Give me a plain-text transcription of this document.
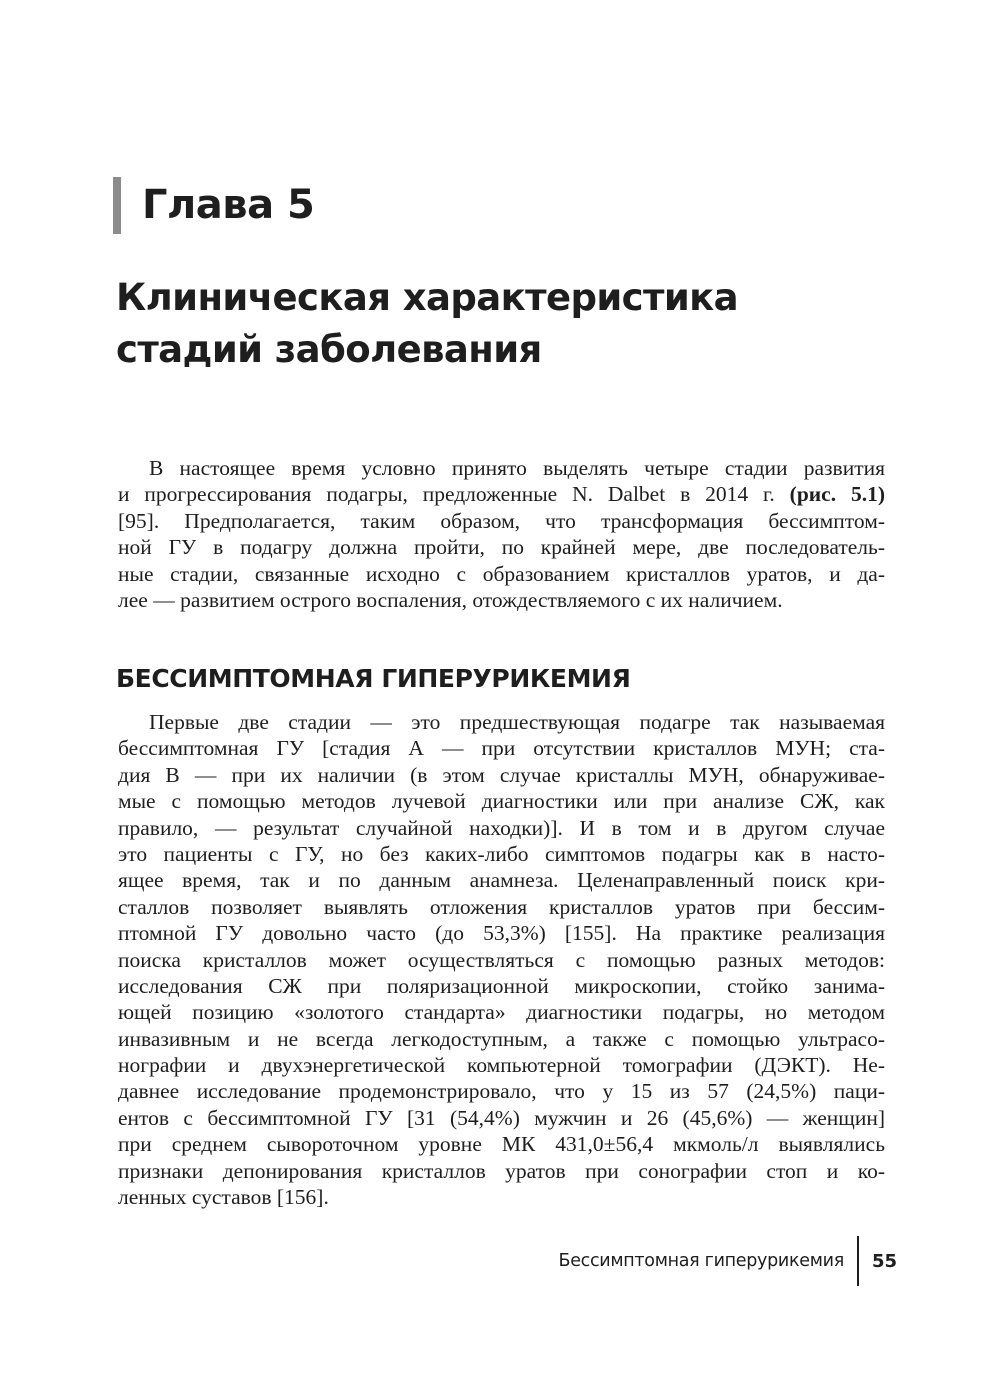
Глава 5
Клиническая характеристика
стадий заболевания
В настоящее время условно принято выделять четыре стадии развития
и прогрессирования подагры, предложенные N. Dalbet в 2014 г. (рис. 5.1)
[95]. Предполагается, таким образом, что трансформация бессимптом-
ной ГУ в подагру должна пройти, по крайней мере, две последователь-
ные стадии, связанные исходно с образованием кристаллов уратов, и да-
лее — развитием острого воспаления, отождествляемого с их наличием.
БЕССИМПТОМНАЯ ГИПЕРУРИКЕМИЯ
Первые две стадии — это предшествующая подагре так называемая
бессимптомная ГУ [стадия А — при отсутствии кристаллов МУН; ста-
дия В — при их наличии (в этом случае кристаллы МУН, обнаруживае-
мые с помощью методов лучевой диагностики или при анализе СЖ, как
правило, — результат случайной находки)]. И в том и в другом случае
это пациенты с ГУ, но без каких-либо симптомов подагры как в насто-
ящее время, так и по данным анамнеза. Целенаправленный поиск кри-
сталлов позволяет выявлять отложения кристаллов уратов при бессим-
птомной ГУ довольно часто (до 53,3%) [155]. На практике реализация
поиска кристаллов может осуществляться с помощью разных методов:
исследования СЖ при поляризационной микроскопии, стойко занима-
ющей позицию «золотого стандарта» диагностики подагры, но методом
инвазивным и не всегда легкодоступным, а также с помощью ультрасо-
нографии и двухэнергетической компьютерной томографии (ДЭКТ). Не-
давнее исследование продемонстрировало, что у 15 из 57 (24,5%) паци-
ентов с бессимптомной ГУ [31 (54,4%) мужчин и 26 (45,6%) — женщин]
при среднем сывороточном уровне МК 431,0±56,4 мкмоль/л выявлялись
признаки депонирования кристаллов уратов при сонографии стоп и ко-
ленных суставов [156].
Бессимптомная гиперурикемия	55
